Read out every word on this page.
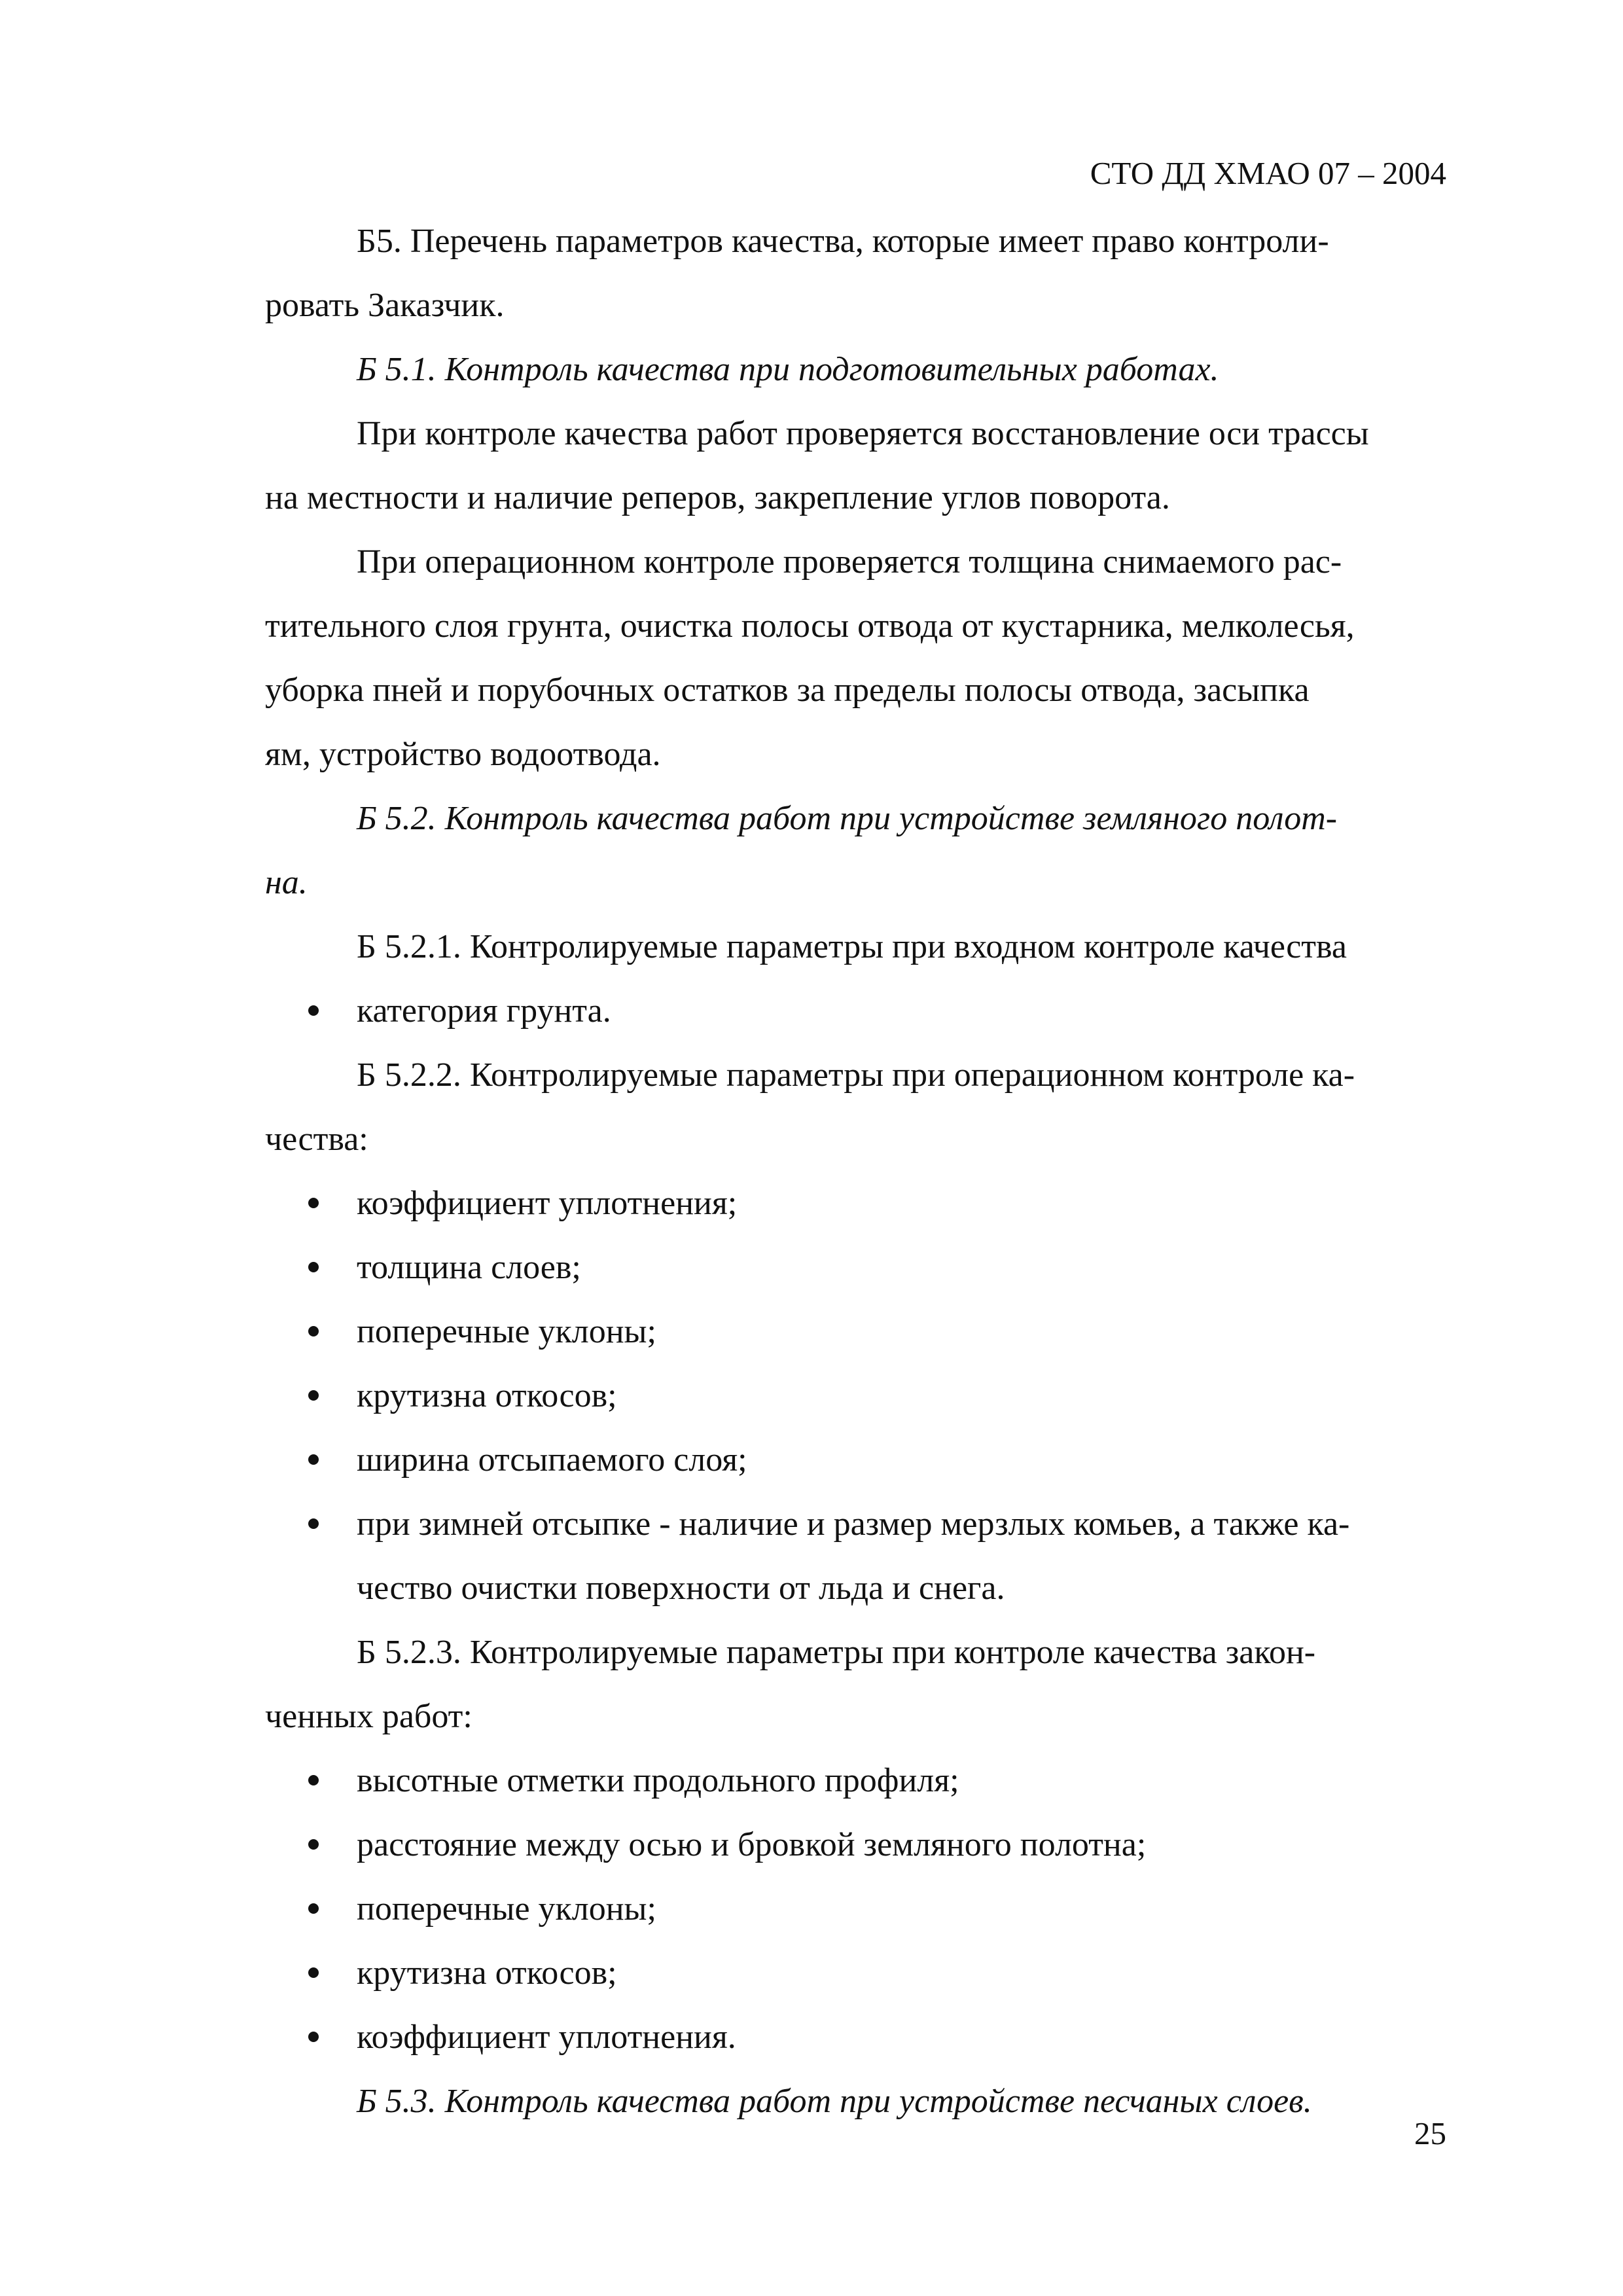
СТО ДД ХМАО 07 – 2004

Б5. Перечень параметров качества, которые имеет право контроли-
ровать Заказчик.

Б 5.1. Контроль качества при подготовительных работах.

При контроле качества работ проверяется восстановление оси трассы
на местности и наличие реперов, закрепление углов поворота.

При операционном контроле проверяется толщина снимаемого рас-
тительного слоя грунта, очистка полосы отвода от кустарника, мелколесья,
уборка пней и порубочных остатков за пределы полосы отвода, засыпка
ям, устройство водоотвода.

Б 5.2. Контроль качества работ при устройстве земляного полот-
на.

Б 5.2.1. Контролируемые параметры при входном контроле качества

категория грунта.

Б 5.2.2. Контролируемые параметры при операционном контроле ка-
чества:

коэффициент уплотнения;
толщина слоев;
поперечные уклоны;
крутизна откосов;
ширина отсыпаемого слоя;
при зимней отсыпке - наличие и размер мерзлых комьев, а также ка-
чество очистки поверхности от льда и снега.

Б 5.2.3. Контролируемые параметры при контроле качества закон-
ченных работ:

высотные отметки продольного профиля;
расстояние между осью и бровкой земляного полотна;
поперечные уклоны;
крутизна откосов;
коэффициент уплотнения.

Б 5.3. Контроль качества работ при устройстве песчаных слоев.

25
